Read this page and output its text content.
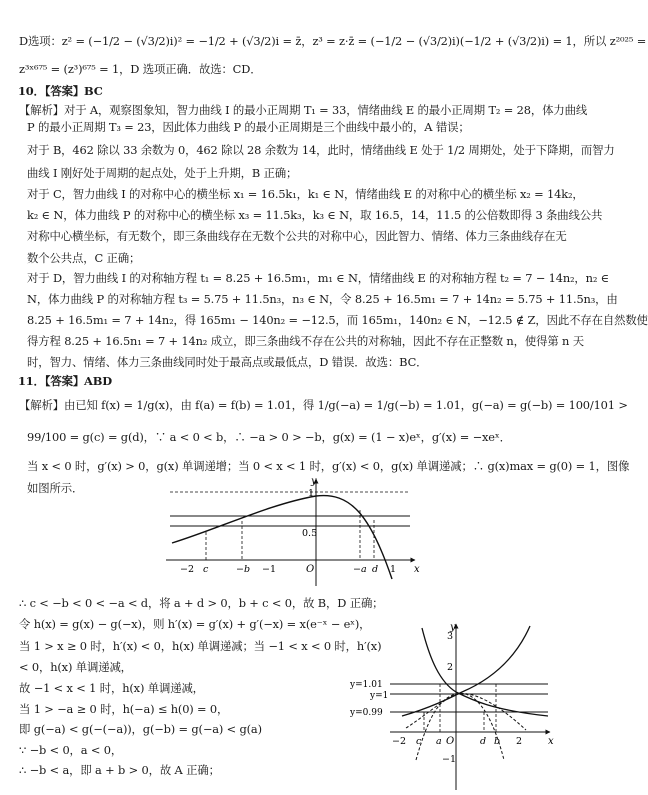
D选项：z² = (−1/2 − (√3/2)i)² = −1/2 + (√3/2)i = z̄，z³ = z·z̄ = (−1/2 − (√3/2)i)(−1/2 + (√3/2)i) = 1，所以 z²⁰²⁵ =
z³ˣ⁶⁷⁵ = (z³)⁶⁷⁵ = 1，D 选项正确．故选：CD．
10．【答案】BC
【解析】对于 A，观察图象知，智力曲线 I 的最小正周期 T₁ = 33，情绪曲线 E 的最小正周期 T₂ = 28，体力曲线
P 的最小正周期 T₃ = 23，因此体力曲线 P 的最小正周期是三个曲线中最小的，A 错误；
对于 B，462 除以 33 余数为 0，462 除以 28 余数为 14，此时，情绪曲线 E 处于 1/2 周期处，处于下降期，而智力
曲线 I 刚好处于周期的起点处，处于上升期，B 正确；
对于 C，智力曲线 I 的对称中心的横坐标 x₁ = 16.5k₁，k₁ ∈ N，情绪曲线 E 的对称中心的横坐标 x₂ = 14k₂，
k₂ ∈ N，体力曲线 P 的对称中心的横坐标 x₃ = 11.5k₃，k₃ ∈ N，取 16.5，14，11.5 的公倍数即得 3 条曲线公共
对称中心横坐标，有无数个，即三条曲线存在无数个公共的对称中心，因此智力、情绪、体力三条曲线存在无
数个公共点，C 正确；
对于 D，智力曲线 I 的对称轴方程 t₁ = 8.25 + 16.5m₁，m₁ ∈ N，情绪曲线 E 的对称轴方程 t₂ = 7 − 14n₂，n₂ ∈
N，体力曲线 P 的对称轴方程 t₃ = 5.75 + 11.5n₃，n₃ ∈ N，令 8.25 + 16.5m₁ = 7 + 14n₂ = 5.75 + 11.5n₃，由
8.25 + 16.5m₁ = 7 + 14n₂，得 165m₁ − 140n₂ = −12.5，而 165m₁，140n₂ ∈ N，−12.5 ∉ Z，因此不存在自然数使
得方程 8.25 + 16.5n₁ = 7 + 14n₂ 成立，即三条曲线不存在公共的对称轴，因此不存在正整数 n，使得第 n 天
时，智力、情绪、体力三条曲线同时处于最高点或最低点，D 错误．故选：BC．
11．【答案】ABD
【解析】由已知 f(x) = 1/g(x)，由 f(a) = f(b) = 1.01，得 1/g(−a) = 1/g(−b) = 1.01，g(−a) = g(−b) = 100/101 >
99/100 = g(c) = g(d)，∵ a < 0 < b，∴ −a > 0 > −b，g(x) = (1 − x)eˣ，g′(x) = −xeˣ．
当 x < 0 时，g′(x) > 0，g(x) 单调递增；当 0 < x < 1 时，g′(x) < 0，g(x) 单调递减；∴ g(x)max = g(0) = 1，图像
如图所示．	y
x
O
1
0.5
−2 c	−b −1	−a d 1
∴ c < −b < 0 < −a < d，将 a + d > 0，b + c < 0，故 B，D 正确；
令 h(x) = g(x) − g(−x)，则 h′(x) = g′(x) + g′(−x) = x(e⁻ˣ − eˣ)，
当 1 > x ≥ 0 时，h′(x) < 0，h(x) 单调递减；当 −1 < x < 0 时，h′(x)
< 0，h(x) 单调递减，
故 −1 < x < 1 时，h(x) 单调递减，
当 1 > −a ≥ 0 时，h(−a) ≤ h(0) = 0，
即 g(−a) < g(−(−a))，g(−b) = g(−a) < g(a)
∵ −b < 0，a < 0，
∴ −b < a，即 a + b > 0，故 A 正确；
y
x
O
3
2
−1
−2 c a	d b 2
y=1.01
y=1
y=0.99
